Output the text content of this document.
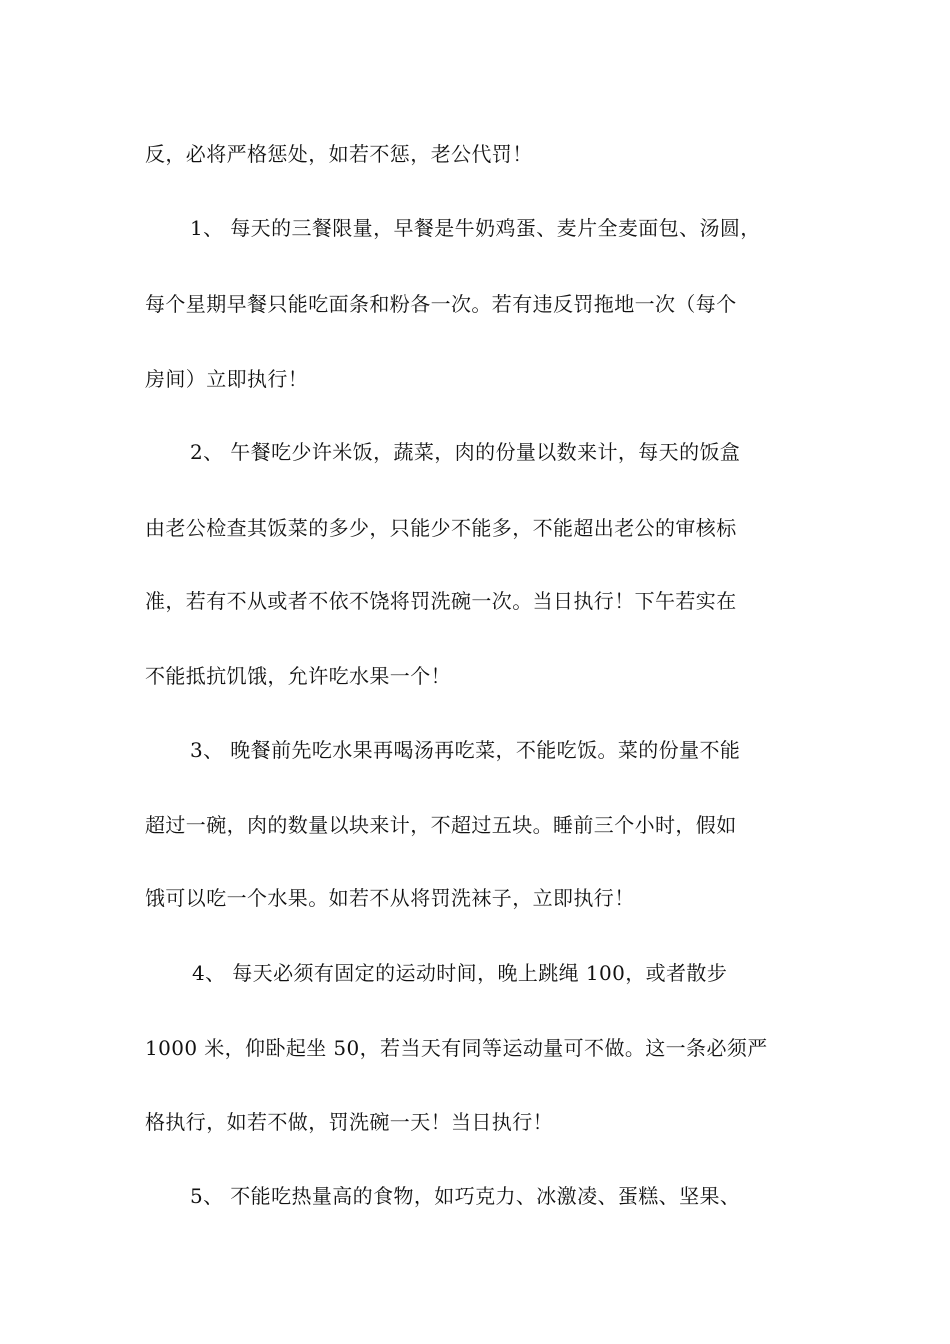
反，必将严格惩处，如若不惩，老公代罚！
1、 每天的三餐限量，早餐是牛奶鸡蛋、麦片全麦面包、汤圆，
每个星期早餐只能吃面条和粉各一次。若有违反罚拖地一次（每个
房间）立即执行！
2、 午餐吃少许米饭，蔬菜，肉的份量以数来计，每天的饭盒
由老公检查其饭菜的多少，只能少不能多，不能超出老公的审核标
准，若有不从或者不依不饶将罚洗碗一次。当日执行！下午若实在
不能抵抗饥饿，允许吃水果一个！
3、 晚餐前先吃水果再喝汤再吃菜，不能吃饭。菜的份量不能
超过一碗，肉的数量以块来计，不超过五块。睡前三个小时，假如
饿可以吃一个水果。如若不从将罚洗袜子，立即执行！
4、 每天必须有固定的运动时间，晚上跳绳 100，或者散步
1000 米，仰卧起坐 50，若当天有同等运动量可不做。这一条必须严
格执行，如若不做，罚洗碗一天！当日执行！
5、 不能吃热量高的食物，如巧克力、冰激凌、蛋糕、坚果、
